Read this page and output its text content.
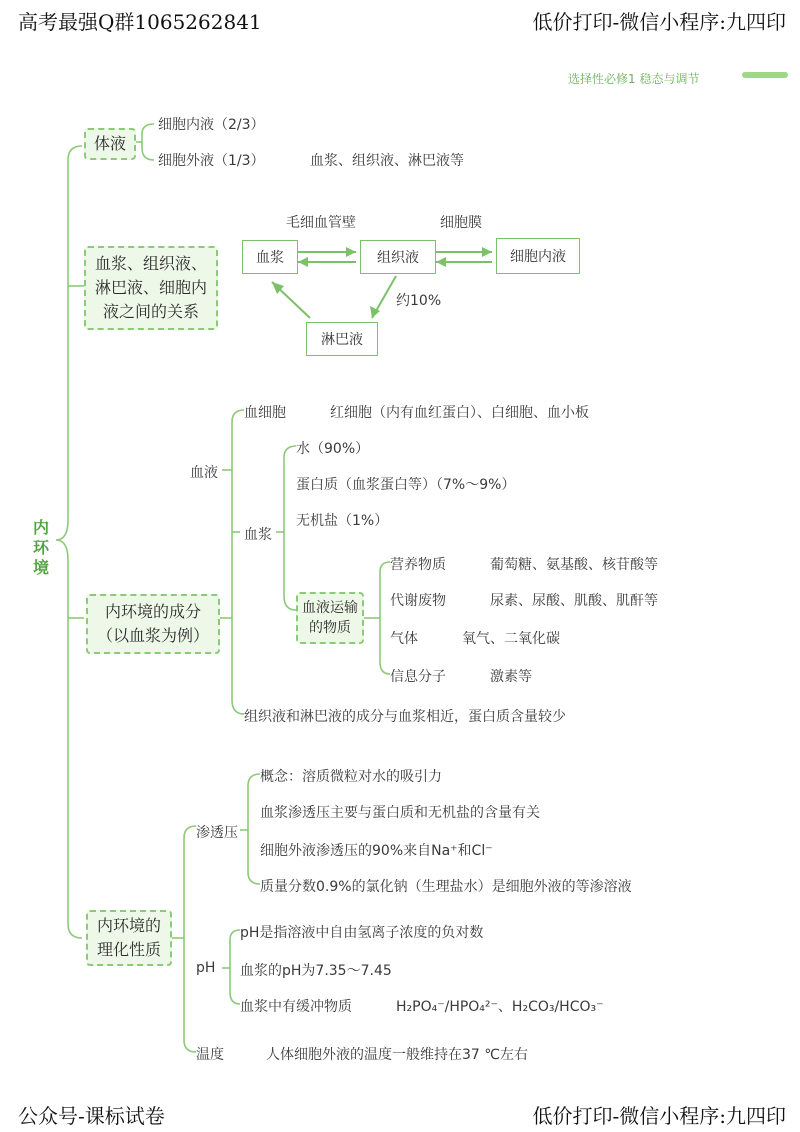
高考最强Q群1065262841	低价打印-微信小程序:九四印
选择性必修1 稳态与调节
公众号-课标试卷	低价打印-微信小程序:九四印
内环境
体液
细胞内液（2/3）
细胞外液（1/3）	血浆、组织液、淋巴液等
血浆、组织液、淋巴液、细胞内液之间的关系
毛细血管壁	细胞膜
血浆	组织液	细胞内液
淋巴液
约10%
内环境的成分（以血浆为例）
血液
血细胞	红细胞（内有血红蛋白）、白细胞、血小板
血浆
水（90%）
蛋白质（血浆蛋白等）（7%～9%）
无机盐（1%）
血液运输的物质
营养物质	葡萄糖、氨基酸、核苷酸等
代谢废物	尿素、尿酸、肌酸、肌酐等
气体	氧气、二氧化碳
信息分子	激素等
组织液和淋巴液的成分与血浆相近，蛋白质含量较少
内环境的理化性质
渗透压
概念：溶质微粒对水的吸引力
血浆渗透压主要与蛋白质和无机盐的含量有关
细胞外液渗透压的90%来自Na⁺和Cl⁻
质量分数0.9%的氯化钠（生理盐水）是细胞外液的等渗溶液
pH
pH是指溶液中自由氢离子浓度的负对数
血浆的pH为7.35～7.45
血浆中有缓冲物质	H₂PO₄⁻/HPO₄²⁻、H₂CO₃/HCO₃⁻
温度	人体细胞外液的温度一般维持在37 ℃左右
